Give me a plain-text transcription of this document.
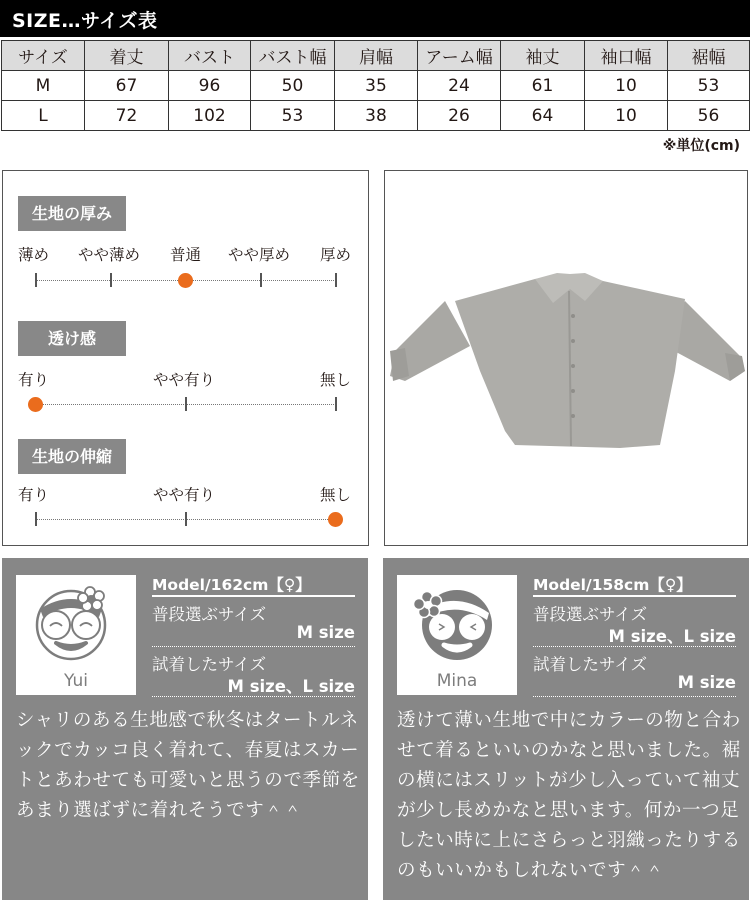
SIZE…サイズ表
サイズ	着丈	バスト	バスト幅	肩幅	アーム幅	袖丈	袖口幅	裾幅
M	67	96	50	35	24	61	10	53
L	72	102	53	38	26	64	10	56
※単位(cm)
生地の厚み
薄め やや薄め 普通 やや厚め 厚め
透け感
有り	やや有り	無し
生地の伸縮
有り	やや有り	無し
Yui
Model/162cm【♀】
普段選ぶサイズ
M size
試着したサイズ
M size、L size
シャリのある生地感で秋冬はタートルネックでカッコ良く着れて、春夏はスカートとあわせても可愛いと思うので季節をあまり選ばずに着れそうです＾＾
Mina
Model/158cm【♀】
普段選ぶサイズ
M size、L size
試着したサイズ
M size
透けて薄い生地で中にカラーの物と合わせて着るといいのかなと思いました。裾の横にはスリットが少し入っていて袖丈が少し長めかなと思います。何か一つ足したい時に上にさらっと羽織ったりするのもいいかもしれないです＾＾
